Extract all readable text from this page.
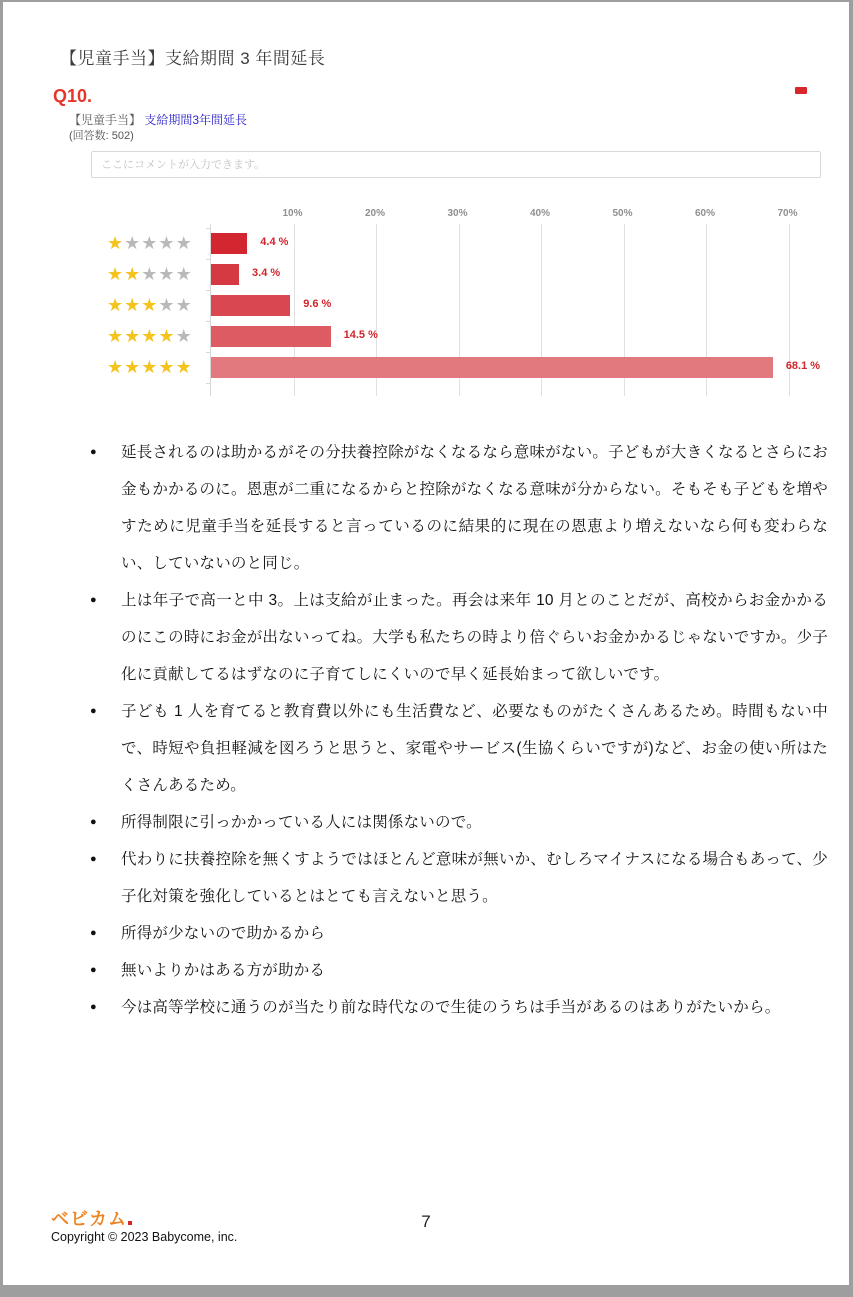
【児童手当】支給期間 3 年間延長
Q10.
【児童手当】 支給期間3年間延長
(回答数: 502)
ここにコメントが入力できます。
10%	20%	30%	40%	50%	60%	70%
★★★★★	4.4 %
★★★★★	3.4 %
★★★★★	9.6 %
★★★★★	14.5 %
★★★★★	68.1 %
● 延長されるのは助かるがその分扶養控除がなくなるなら意味がない。子どもが大きくなるとさらにお金もかかるのに。恩恵が二重になるからと控除がなくなる意味が分からない。そもそも子どもを増やすために児童手当を延長すると言っているのに結果的に現在の恩恵より増えないなら何も変わらない、していないのと同じ。
● 上は年子で高一と中 3。上は支給が止まった。再会は来年 10 月とのことだが、高校からお金かかるのにこの時にお金が出ないってね。大学も私たちの時より倍ぐらいお金かかるじゃないですか。少子化に貢献してるはずなのに子育てしにくいので早く延長始まって欲しいです。
● 子ども 1 人を育てると教育費以外にも生活費など、必要なものがたくさんあるため。時間もない中で、時短や負担軽減を図ろうと思うと、家電やサービス(生協くらいですが)など、お金の使い所はたくさんあるため。
● 所得制限に引っかかっている人には関係ないので。
● 代わりに扶養控除を無くすようではほとんど意味が無いか、むしろマイナスになる場合もあって、少子化対策を強化しているとはとても言えないと思う。
● 所得が少ないので助かるから
● 無いよりかはある方が助かる
● 今は高等学校に通うのが当たり前な時代なので生徒のうちは手当があるのはありがたいから。
ベビカム
Copyright © 2023 Babycome, inc.
7
